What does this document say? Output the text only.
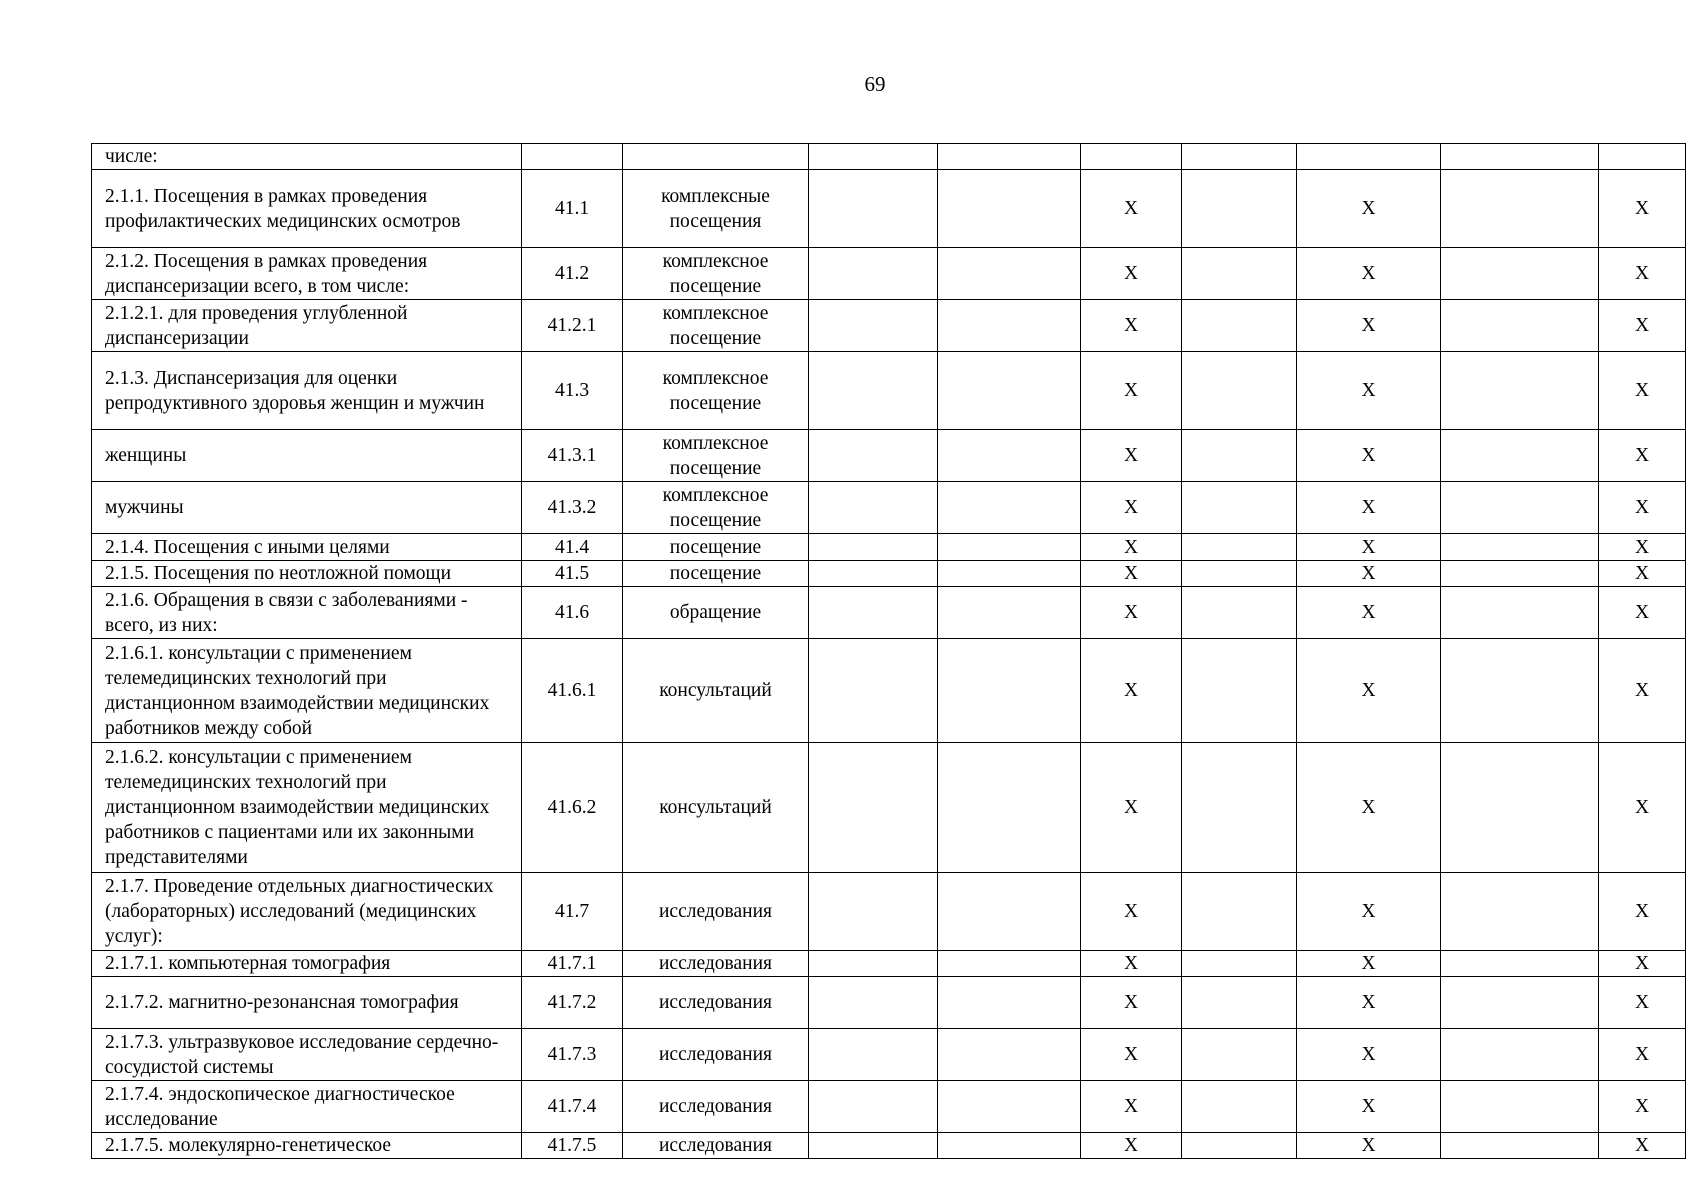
69
числе:									
2.1.1. Посещения в рамках проведения профилактических медицинских осмотров	41.1	комплексные посещения			Х		Х		Х
2.1.2. Посещения в рамках проведения диспансеризации всего, в том числе:	41.2	комплексное посещение			Х		Х		Х
2.1.2.1. для проведения углубленной диспансеризации	41.2.1	комплексное посещение			Х		Х		Х
2.1.3. Диспансеризация для оценки репродуктивного здоровья женщин и мужчин	41.3	комплексное посещение			Х		Х		Х
женщины	41.3.1	комплексное посещение			Х		Х		Х
мужчины	41.3.2	комплексное посещение			Х		Х		Х
2.1.4. Посещения с иными целями	41.4	посещение			Х		Х		Х
2.1.5. Посещения по неотложной помощи	41.5	посещение			Х		Х		Х
2.1.6. Обращения в связи с заболеваниями - всего, из них:	41.6	обращение			Х		Х		Х
2.1.6.1. консультации с применением телемедицинских технологий при дистанционном взаимодействии медицинских работников между собой	41.6.1	консультаций			Х		Х		Х
2.1.6.2. консультации с применением телемедицинских технологий при дистанционном взаимодействии медицинских работников с пациентами или их законными представителями	41.6.2	консультаций			Х		Х		Х
2.1.7. Проведение отдельных диагностических (лабораторных) исследований (медицинских услуг):	41.7	исследования			Х		Х		Х
2.1.7.1. компьютерная томография	41.7.1	исследования			Х		Х		Х
2.1.7.2. магнитно-резонансная томография	41.7.2	исследования			Х		Х		Х
2.1.7.3. ультразвуковое исследование сердечно-сосудистой системы	41.7.3	исследования			Х		Х		Х
2.1.7.4. эндоскопическое диагностическое исследование	41.7.4	исследования			Х		Х		Х
2.1.7.5. молекулярно-генетическое	41.7.5	исследования			Х		Х		Х
